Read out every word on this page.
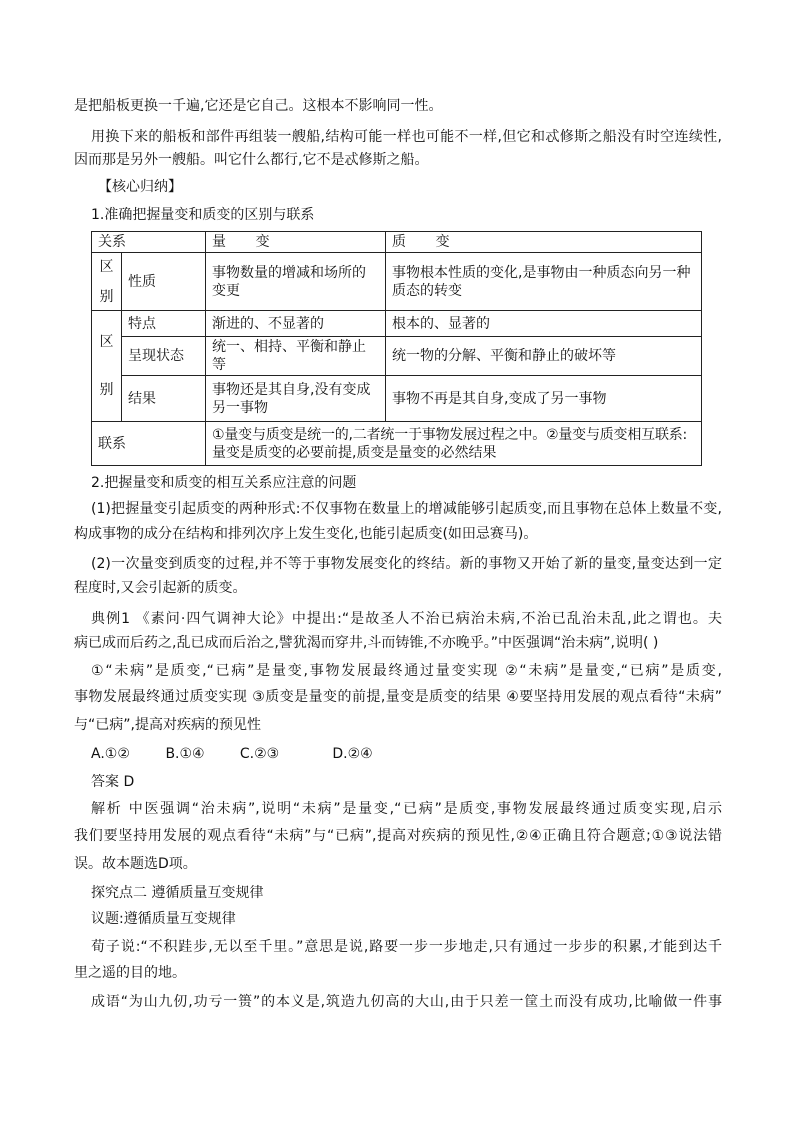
是把船板更换一千遍,它还是它自己。这根本不影响同一性。
用换下来的船板和部件再组装一艘船,结构可能一样也可能不一样,但它和忒修斯之船没有时空连续性,
因而那是另外一艘船。叫它什么都行,它不是忒修斯之船。
【核心归纳】
1.准确把握量变和质变的区别与联系
关系		量 变	质 变

区
别	性质	事物数量的增减和场所的变更	事物根本性质的变化,是事物由一种质态向另一种质态的转变

区
别	特点	渐进的、不显著的	根本的、显著的
	呈现状态	统一、相持、平衡和静止等	统一物的分解、平衡和静止的破坏等
	结果	事物还是其自身,没有变成另一事物	事物不再是其自身,变成了另一事物
联系		①量变与质变是统一的,二者统一于事物发展过程之中。②量变与质变相互联系:
量变是质变的必要前提,质变是量变的必然结果	
2.把握量变和质变的相互关系应注意的问题
(1)把握量变引起质变的两种形式:不仅事物在数量上的增减能够引起质变,而且事物在总体上数量不变,
构成事物的成分在结构和排列次序上发生变化,也能引起质变(如田忌赛马)。
(2)一次量变到质变的过程,并不等于事物发展变化的终结。新的事物又开始了新的量变,量变达到一定
程度时,又会引起新的质变。
典例1 《素问·四气调神大论》中提出:“是故圣人不治已病治未病,不治已乱治未乱,此之谓也。夫
病已成而后药之,乱已成而后治之,譬犹渴而穿井,斗而铸锥,不亦晚乎。”中医强调“治未病”,说明( )
①“未病”是质变,“已病”是量变,事物发展最终通过量变实现 ②“未病”是量变,“已病”是质变,
事物发展最终通过质变实现 ③质变是量变的前提,量变是质变的结果 ④要坚持用发展的观点看待“未病”
与“已病”,提高对疾病的预见性
A.①②	B.①④	C.②③	D.②④
答案 D
解析 中医强调“治未病”,说明“未病”是量变,“已病”是质变,事物发展最终通过质变实现,启示
我们要坚持用发展的观点看待“未病”与“已病”,提高对疾病的预见性,②④正确且符合题意;①③说法错
误。故本题选D项。
探究点二 遵循质量互变规律
议题:遵循质量互变规律
荀子说:“不积跬步,无以至千里。”意思是说,路要一步一步地走,只有通过一步步的积累,才能到达千
里之遥的目的地。
成语“为山九仞,功亏一篑”的本义是,筑造九仞高的大山,由于只差一筐土而没有成功,比喻做一件事
